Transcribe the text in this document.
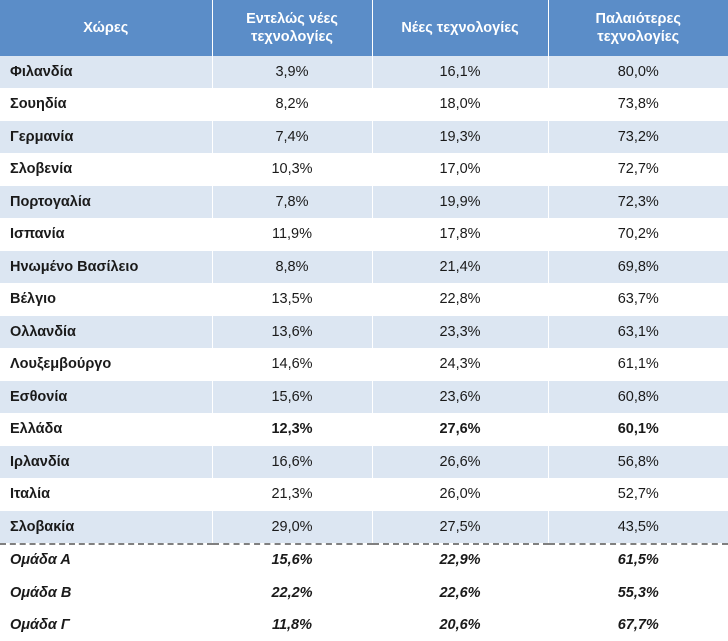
Χώρες	Εντελώς νέες τεχνολογίες	Νέες τεχνολογίες	Παλαιότερες τεχνολογίες
Φιλανδία	3,9%	16,1%	80,0%
Σουηδία	8,2%	18,0%	73,8%
Γερμανία	7,4%	19,3%	73,2%
Σλοβενία	10,3%	17,0%	72,7%
Πορτογαλία	7,8%	19,9%	72,3%
Ισπανία	11,9%	17,8%	70,2%
Ηνωμένο Βασίλειο	8,8%	21,4%	69,8%
Βέλγιο	13,5%	22,8%	63,7%
Ολλανδία	13,6%	23,3%	63,1%
Λουξεμβούργο	14,6%	24,3%	61,1%
Εσθονία	15,6%	23,6%	60,8%
Ελλάδα	12,3%	27,6%	60,1%
Ιρλανδία	16,6%	26,6%	56,8%
Ιταλία	21,3%	26,0%	52,7%
Σλοβακία	29,0%	27,5%	43,5%
Ομάδα Α	15,6%	22,9%	61,5%
Ομάδα Β	22,2%	22,6%	55,3%
Ομάδα Γ	11,8%	20,6%	67,7%
